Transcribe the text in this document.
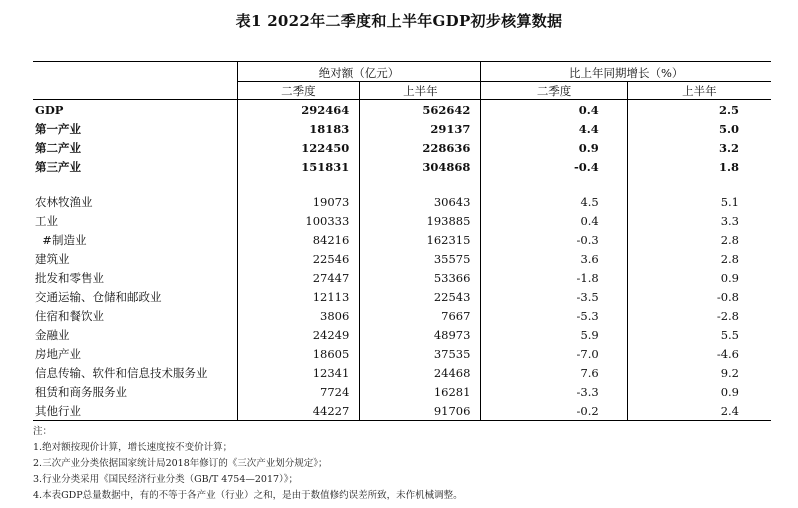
表1 2022年二季度和上半年GDP初步核算数据
	绝对额（亿元）		比上年同期增长（%）	
	二季度	上半年	二季度	上半年
GDP	292464	562642	0.4	2.5
第一产业	18183	29137	4.4	5.0
第二产业	122450	228636	0.9	3.2
第三产业	151831	304868	-0.4	1.8

农林牧渔业	19073	30643	4.5	5.1
工业	100333	193885	0.4	3.3
#制造业	84216	162315	-0.3	2.8
建筑业	22546	35575	3.6	2.8
批发和零售业	27447	53366	-1.8	0.9
交通运输、仓储和邮政业	12113	22543	-3.5	-0.8
住宿和餐饮业	3806	7667	-5.3	-2.8
金融业	24249	48973	5.9	5.5
房地产业	18605	37535	-7.0	-4.6
信息传输、软件和信息技术服务业	12341	24468	7.6	9.2
租赁和商务服务业	7724	16281	-3.3	0.9
其他行业	44227	91706	-0.2	2.4
注：
1.绝对额按现价计算，增长速度按不变价计算；
2.三次产业分类依据国家统计局2018年修订的《三次产业划分规定》；
3.行业分类采用《国民经济行业分类（GB/T 4754—2017）》；
4.本表GDP总量数据中，有的不等于各产业（行业）之和，是由于数值修约误差所致，未作机械调整。
